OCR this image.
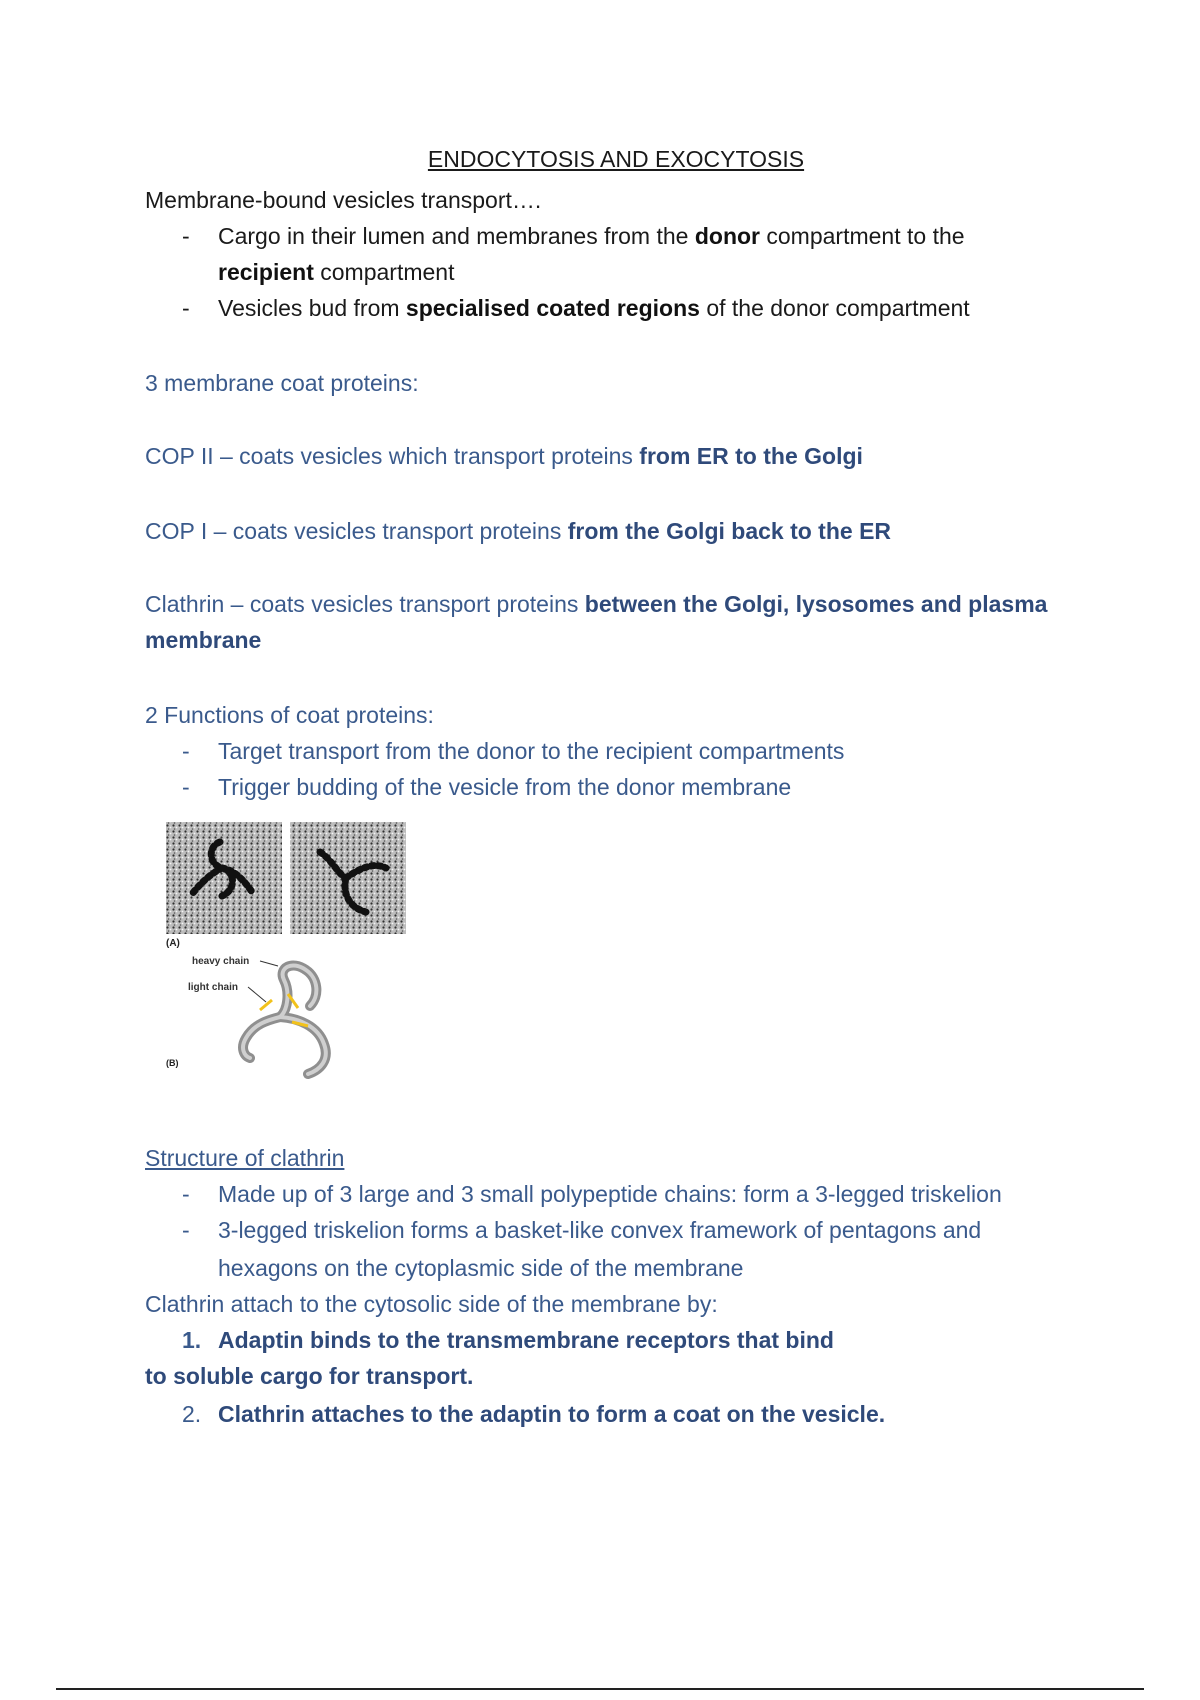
ENDOCYTOSIS AND EXOCYTOSIS
Membrane-bound vesicles transport….
- Cargo in their lumen and membranes from the donor compartment to the
recipient compartment
- Vesicles bud from specialised coated regions of the donor compartment
3 membrane coat proteins:
COP II – coats vesicles which transport proteins from ER to the Golgi
COP I – coats vesicles transport proteins from the Golgi back to the ER
Clathrin – coats vesicles transport proteins between the Golgi, lysosomes and plasma
membrane
2 Functions of coat proteins:
- Target transport from the donor to the recipient compartments
- Trigger budding of the vesicle from the donor membrane
(A)
heavy chain
light chain
(B)
Structure of clathrin
- Made up of 3 large and 3 small polypeptide chains: form a 3-legged triskelion
- 3-legged triskelion forms a basket-like convex framework of pentagons and
hexagons on the cytoplasmic side of the membrane
Clathrin attach to the cytosolic side of the membrane by:
1. Adaptin binds to the transmembrane receptors that bind
to soluble cargo for transport.
2. Clathrin attaches to the adaptin to form a coat on the vesicle.
